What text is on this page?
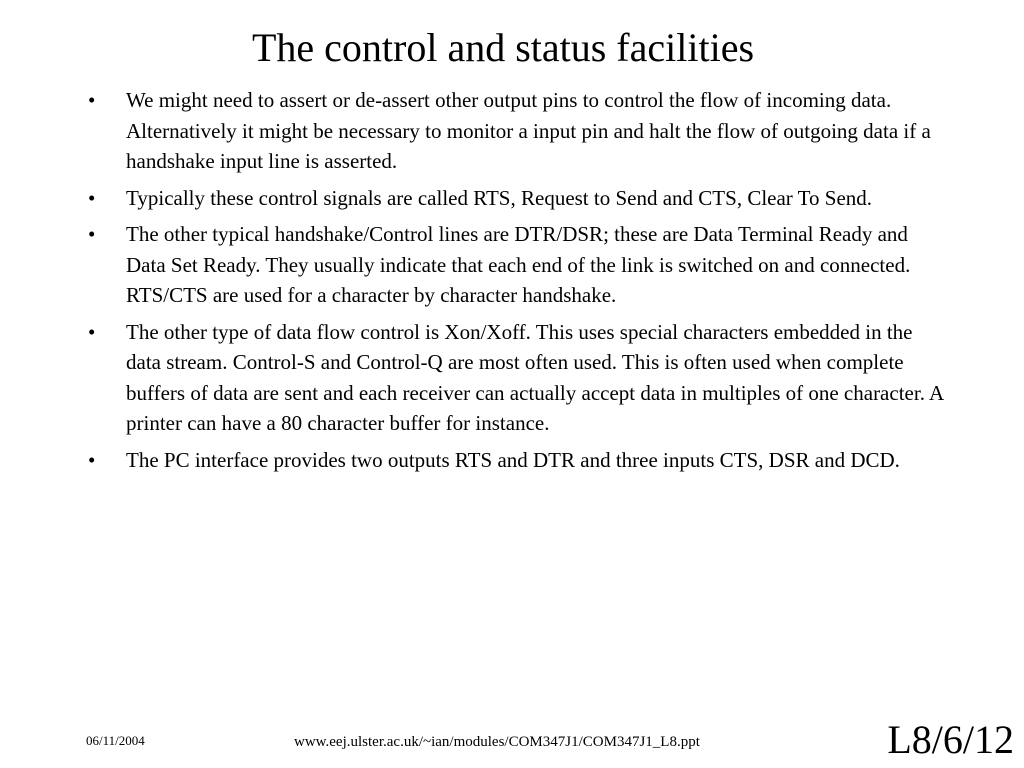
The control and status facilities
• We might need to assert or de-assert other output pins to control the flow of incoming data. Alternatively it might be necessary to monitor a input pin and halt the flow of outgoing data if a handshake input line is asserted.
• Typically these control signals are called RTS, Request to Send and CTS, Clear To Send.
• The other typical handshake/Control lines are DTR/DSR; these are Data Terminal Ready and Data Set Ready. They usually indicate that each end of the link is switched on and connected. RTS/CTS are used for a character by character handshake.
• The other type of data flow control is Xon/Xoff. This uses special characters embedded in the data stream. Control-S and Control-Q are most often used. This is often used when complete buffers of data are sent and each receiver can actually accept data in multiples of one character. A printer can have a 80 character buffer for instance.
• The PC interface provides two outputs RTS and DTR and three inputs CTS, DSR and DCD.
06/11/2004	www.eej.ulster.ac.uk/~ian/modules/COM347J1/COM347J1_L8.ppt	L8/6/12
